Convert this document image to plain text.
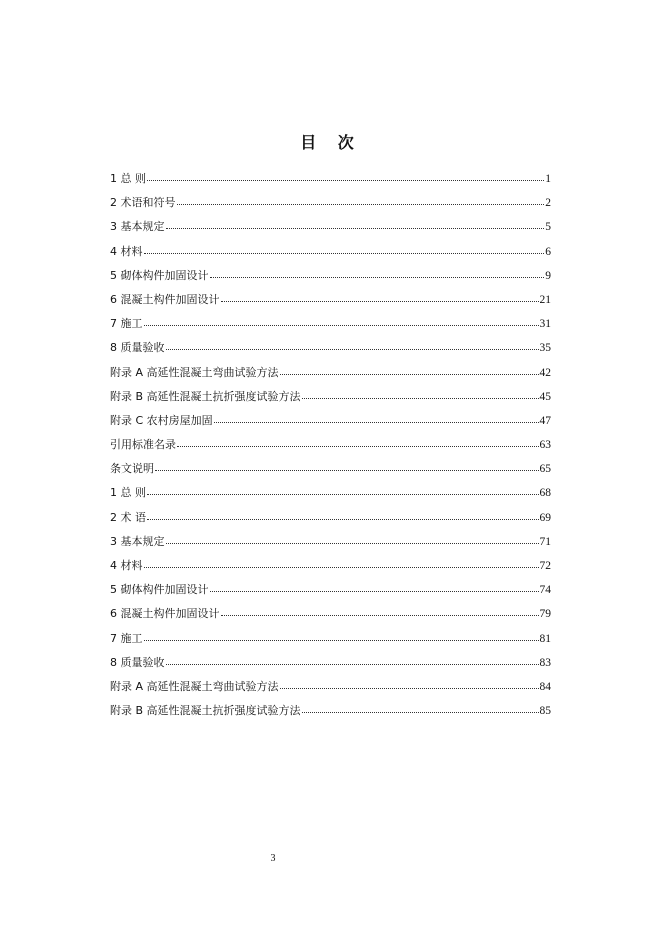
目 次
1 总 则	1
2 术语和符号	2
3 基本规定	5
4 材料	6
5 砌体构件加固设计	9
6 混凝土构件加固设计	21
7 施工	31
8 质量验收	35
附录 A 高延性混凝土弯曲试验方法	42
附录 B 高延性混凝土抗折强度试验方法	45
附录 C 农村房屋加固	47
引用标准名录	63
条文说明	65
1 总 则	68
2 术 语	69
3 基本规定	71
4 材料	72
5 砌体构件加固设计	74
6 混凝土构件加固设计	79
7 施工	81
8 质量验收	83
附录 A 高延性混凝土弯曲试验方法	84
附录 B 高延性混凝土抗折强度试验方法	85
3
